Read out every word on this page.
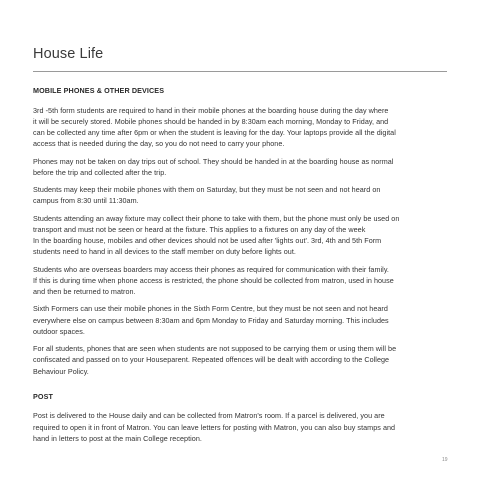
House Life
MOBILE PHONES & OTHER DEVICES
3rd -5th form students are required to hand in their mobile phones at the boarding house during the day where
it will be securely stored. Mobile phones should be handed in by 8:30am each morning, Monday to Friday, and
can be collected any time after 6pm or when the student is leaving for the day. Your laptops provide all the digital
access that is needed during the day, so you do not need to carry your phone.
Phones may not be taken on day trips out of school. They should be handed in at the boarding house as normal
before the trip and collected after the trip.
Students may keep their mobile phones with them on Saturday, but they must be not seen and not heard on
campus from 8:30 until 11:30am.
Students attending an away fixture may collect their phone to take with them, but the phone must only be used on
transport and must not be seen or heard at the fixture. This applies to a fixtures on any day of the week
In the boarding house, mobiles and other devices should not be used after 'lights out'. 3rd, 4th and 5th Form
students need to hand in all devices to the staff member on duty before lights out.
Students who are overseas boarders may access their phones as required for communication with their family.
If this is during time when phone access is restricted, the phone should be collected from matron, used in house
and then be returned to matron.
Sixth Formers can use their mobile phones in the Sixth Form Centre, but they must be not seen and not heard
everywhere else on campus between 8:30am and 6pm Monday to Friday and Saturday morning. This includes
outdoor spaces.
For all students, phones that are seen when students are not supposed to be carrying them or using them will be
confiscated and passed on to your Houseparent. Repeated offences will be dealt with according to the College
Behaviour Policy.
POST
Post is delivered to the House daily and can be collected from Matron's room. If a parcel is delivered, you are
required to open it in front of Matron. You can leave letters for posting with Matron, you can also buy stamps and
hand in letters to post at the main College reception.
19
